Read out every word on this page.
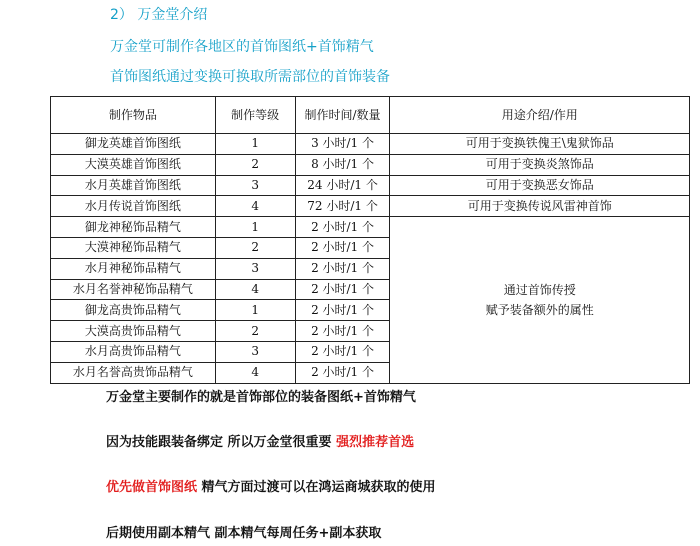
2） 万金堂介绍
万金堂可制作各地区的首饰图纸+首饰精气
首饰图纸通过变换可换取所需部位的首饰装备
制作物品	制作等级	制作时间/数量	用途介绍/作用
御龙英雄首饰图纸	1	3 小时/1 个	可用于变换铁傀王\鬼狱饰品
大漠英雄首饰图纸	2	8 小时/1 个	可用于变换炎煞饰品
水月英雄首饰图纸	3	24 小时/1 个	可用于变换恶女饰品
水月传说首饰图纸	4	72 小时/1 个	可用于变换传说风雷神首饰
御龙神秘饰品精气	1	2 小时/1 个	通过首饰传授
赋予装备额外的属性

大漠神秘饰品精气	2	2 小时/1 个	
水月神秘饰品精气	3	2 小时/1 个	
水月名誉神秘饰品精气	4	2 小时/1 个	
御龙高贵饰品精气	1	2 小时/1 个	
大漠高贵饰品精气	2	2 小时/1 个	
水月高贵饰品精气	3	2 小时/1 个	
水月名誉高贵饰品精气	4	2 小时/1 个	
万金堂主要制作的就是首饰部位的装备图纸+首饰精气
因为技能跟装备绑定 所以万金堂很重要 强烈推荐首选
优先做首饰图纸 精气方面过渡可以在鸿运商城获取的使用
后期使用副本精气 副本精气每周任务+副本获取
